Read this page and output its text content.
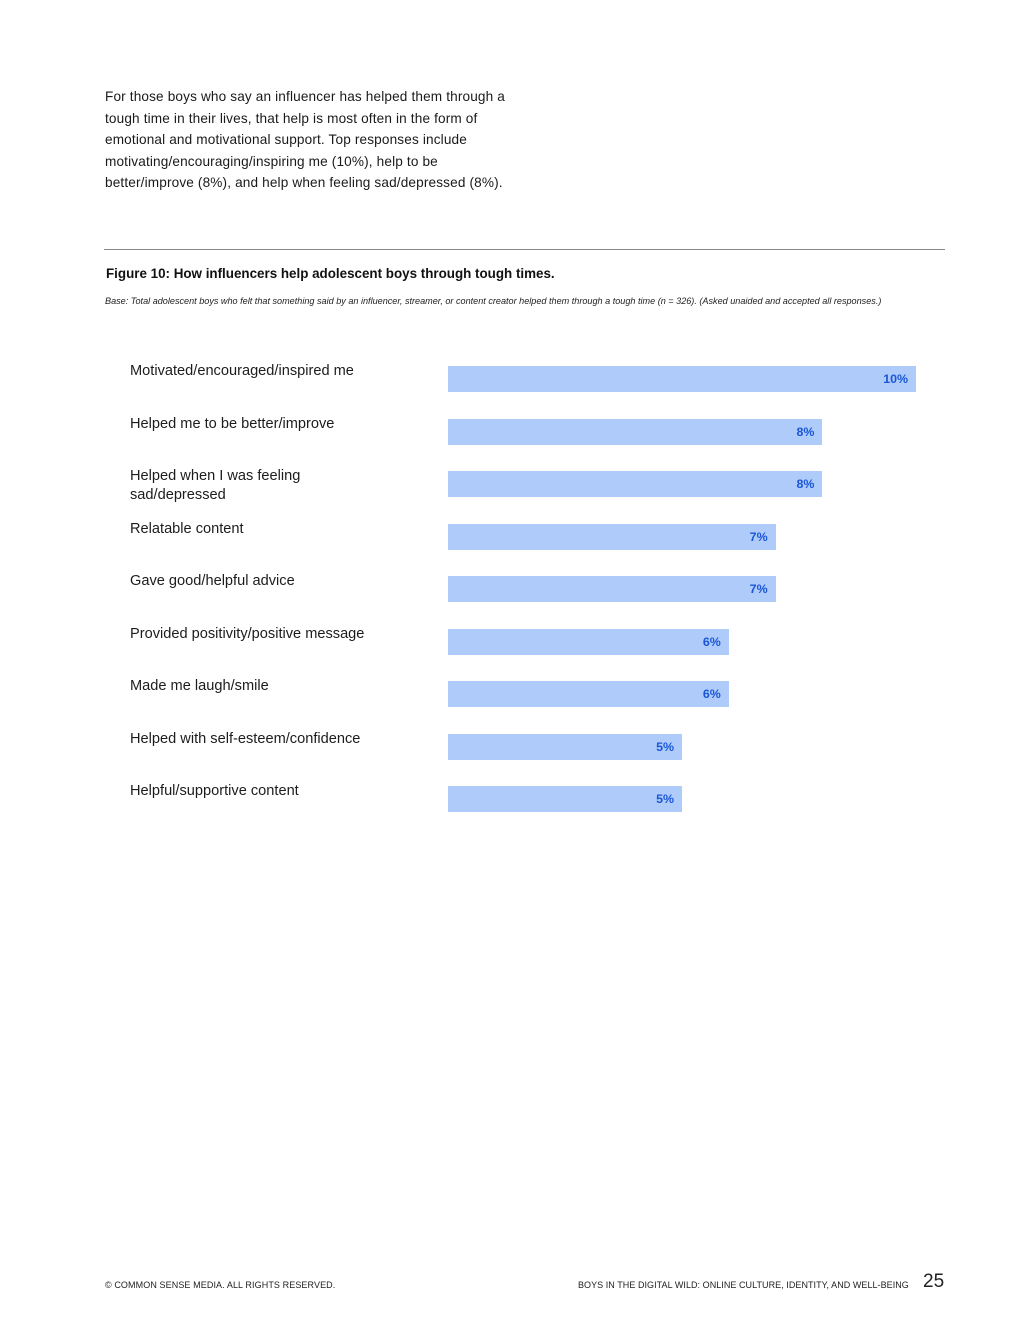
For those boys who say an influencer has helped them through a tough time in their lives, that help is most often in the form of emotional and motivational support. Top responses include motivating/encouraging/inspiring me (10%), help to be better/improve (8%), and help when feeling sad/depressed (8%).

Figure 10: How influencers help adolescent boys through tough times.

Base: Total adolescent boys who felt that something said by an influencer, streamer, or content creator helped them through a tough time (n = 326). (Asked unaided and accepted all responses.)

Motivated/encouraged/inspired me	10%
Helped me to be better/improve	8%
Helped when I was feeling
sad/depressed
8%
Relatable content	7%
Gave good/helpful advice	7%
Provided positivity/positive message	6%
Made me laugh/smile	6%
Helped with self-esteem/confidence	5%
Helpful/supportive content	5%
© COMMON SENSE MEDIA. ALL RIGHTS RESERVED.	BOYS IN THE DIGITAL WILD: ONLINE CULTURE, IDENTITY, AND WELL-BEING 25
